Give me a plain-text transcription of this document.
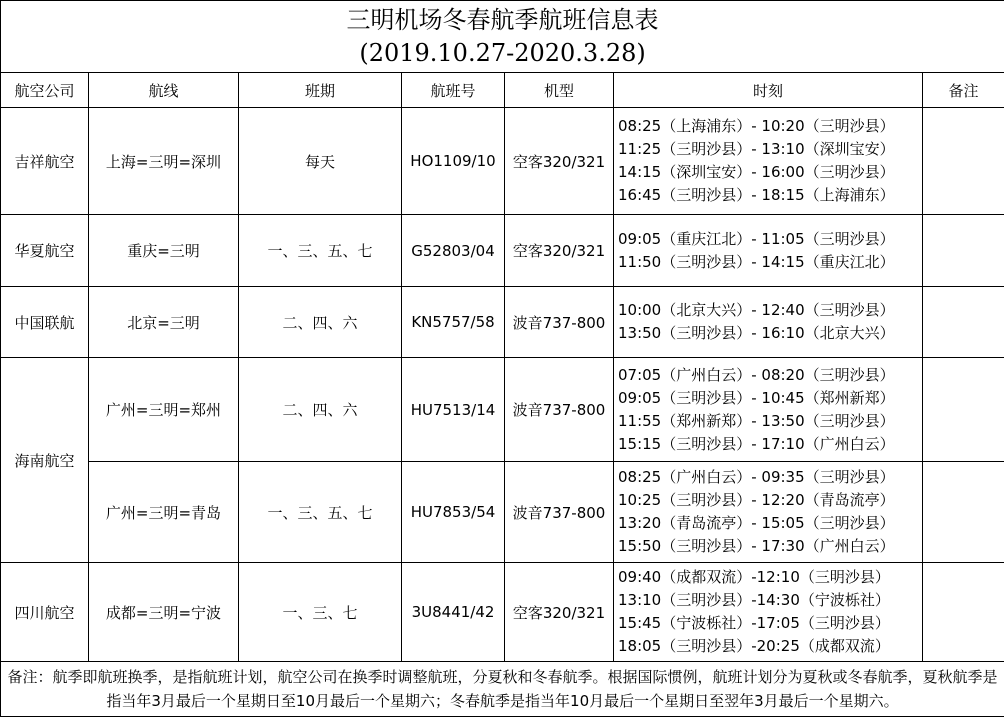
三明机场冬春航季航班信息表
(2019.10.27-2020.3.28)						

航空公司	航线	班期	航班号	机型	时刻	备注
吉祥航空	上海=三明=深圳	每天	HO1109/10	空客320/321	08:25（上海浦东）- 10:20（三明沙县）
11:25（三明沙县）- 13:10（深圳宝安）
14:15（深圳宝安）- 16:00（三明沙县）
16:45（三明沙县）- 18:15（上海浦东）	

华夏航空	重庆=三明	一、三、五、七	G52803/04	空客320/321	09:05（重庆江北）- 11:05（三明沙县）
11:50（三明沙县）- 14:15（重庆江北）	

中国联航	北京=三明	二、四、六	KN5757/58	波音737-800	10:00（北京大兴）- 12:40（三明沙县）
13:50（三明沙县）- 16:10（北京大兴）	

海南航空	广州=三明=郑州	二、四、六	HU7513/14	波音737-800	07:05（广州白云）- 08:20（三明沙县）
09:05（三明沙县）- 10:45（郑州新郑）
11:55（郑州新郑）- 13:50（三明沙县）
15:15（三明沙县）- 17:10（广州白云）	

	广州=三明=青岛	一、三、五、七	HU7853/54	波音737-800	08:25（广州白云）- 09:35（三明沙县）
10:25（三明沙县）- 12:20（青岛流亭）
13:20（青岛流亭）- 15:05（三明沙县）
15:50（三明沙县）- 17:30（广州白云）	

四川航空	成都=三明=宁波	一、三、七	3U8441/42	空客320/321	09:40（成都双流）-12:10（三明沙县）
13:10（三明沙县）-14:30（宁波栎社）
15:45（宁波栎社）-17:05（三明沙县）
18:05（三明沙县）-20:25（成都双流）	

备注：航季即航班换季，是指航班计划，航空公司在换季时调整航班，分夏秋和冬春航季。根据国际惯例，航班计划分为夏秋或冬春航季，夏秋航季是指当年3月最后一个星期日至10月最后一个星期六；冬春航季是指当年10月最后一个星期日至翌年3月最后一个星期六。						
